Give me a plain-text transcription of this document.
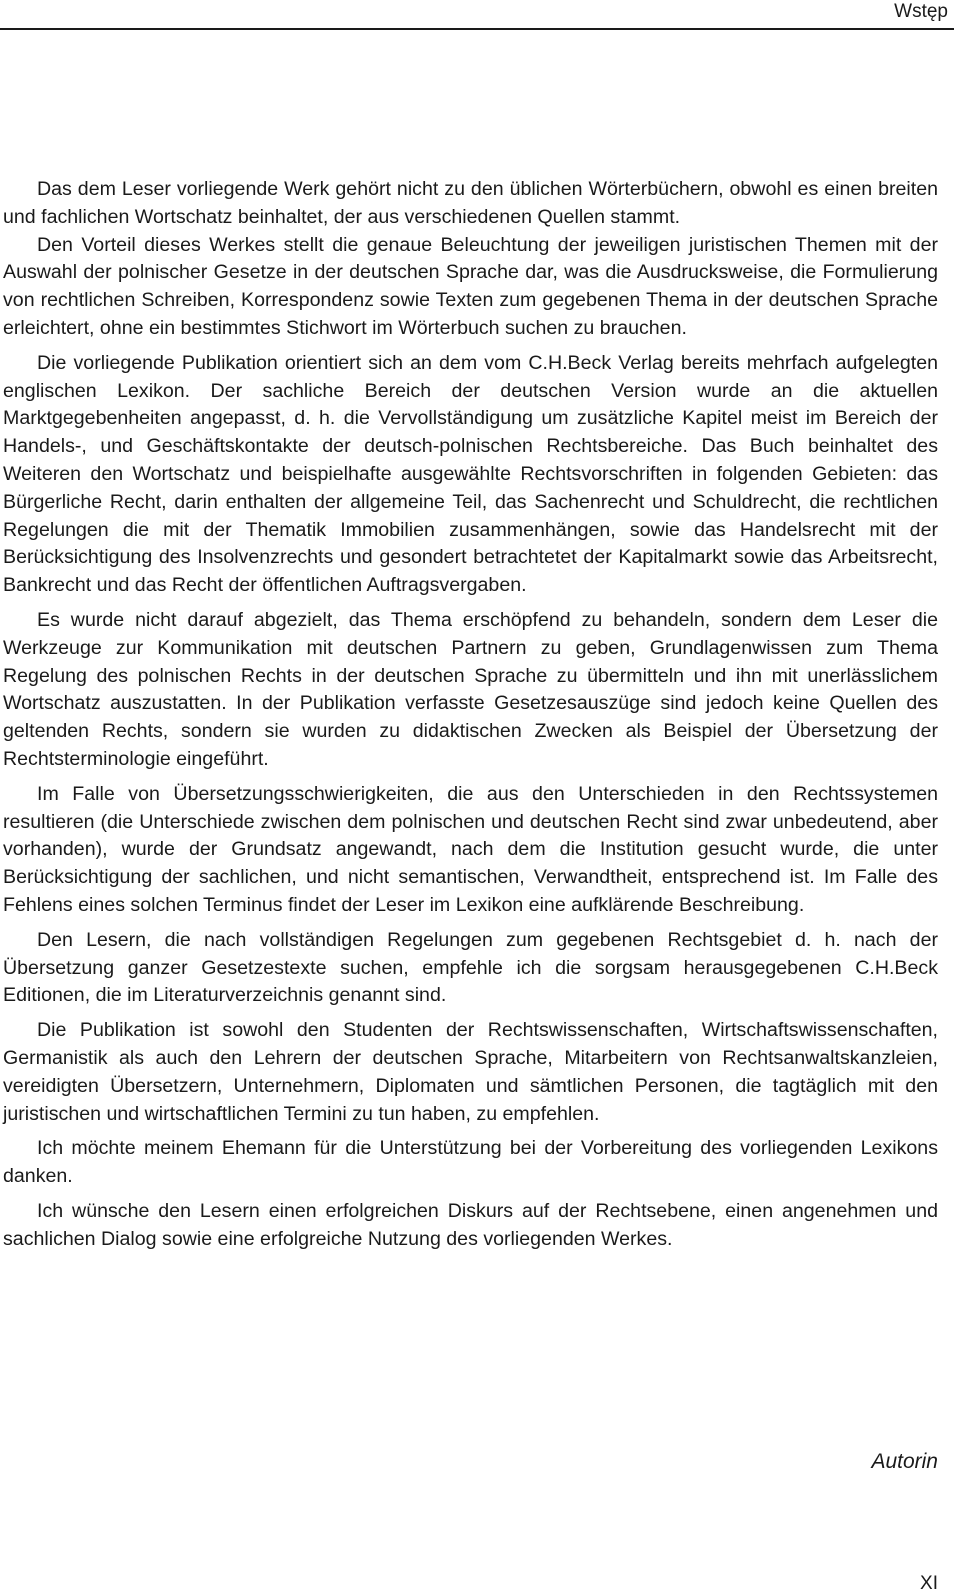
Wstęp

Das dem Leser vorliegende Werk gehört nicht zu den üblichen Wörterbüchern, obwohl es einen breiten und fachlichen Wortschatz beinhaltet, der aus verschiedenen Quellen stammt.

Den Vorteil dieses Werkes stellt die genaue Beleuchtung der jeweiligen juristischen Themen mit der Auswahl der polnischer Gesetze in der deutschen Sprache dar, was die Ausdrucksweise, die Formulierung von rechtlichen Schreiben, Korrespondenz sowie Texten zum gegebenen Thema in der deutschen Sprache erleichtert, ohne ein bestimmtes Stichwort im Wörterbuch suchen zu brauchen.

Die vorliegende Publikation orientiert sich an dem vom C.H.Beck Verlag bereits mehrfach aufgelegten englischen Lexikon. Der sachliche Bereich der deutschen Version wurde an die aktuellen Marktgegebenheiten angepasst, d. h. die Vervollständigung um zusätzliche Kapitel meist im Bereich der Handels-, und Geschäftskontakte der deutsch-polnischen Rechtsbereiche. Das Buch beinhaltet des Weiteren den Wortschatz und beispielhafte ausgewählte Rechtsvorschriften in folgenden Gebieten: das Bürgerliche Recht, darin enthalten der allgemeine Teil, das Sachenrecht und Schuldrecht, die rechtlichen Regelungen die mit der Thematik Immobilien zusammenhängen, sowie das Handelsrecht mit der Berücksichtigung des Insolvenzrechts und gesondert betrachtetet der Kapitalmarkt sowie das Arbeitsrecht, Bankrecht und das Recht der öffentlichen Auftragsvergaben.

Es wurde nicht darauf abgezielt, das Thema erschöpfend zu behandeln, sondern dem Leser die Werkzeuge zur Kommunikation mit deutschen Partnern zu geben, Grundlagenwissen zum Thema Regelung des polnischen Rechts in der deutschen Sprache zu übermitteln und ihn mit unerlässlichem Wortschatz auszustatten. In der Publikation verfasste Gesetzesauszüge sind jedoch keine Quellen des geltenden Rechts, sondern sie wurden zu didaktischen Zwecken als Beispiel der Übersetzung der Rechtsterminologie eingeführt.

Im Falle von Übersetzungsschwierigkeiten, die aus den Unterschieden in den Rechtssystemen resultieren (die Unterschiede zwischen dem polnischen und deutschen Recht sind zwar unbedeutend, aber vorhanden), wurde der Grundsatz angewandt, nach dem die Institution gesucht wurde, die unter Berücksichtigung der sachlichen, und nicht semantischen, Verwandtheit, entsprechend ist. Im Falle des Fehlens eines solchen Terminus findet der Leser im Lexikon eine aufklärende Beschreibung.

Den Lesern, die nach vollständigen Regelungen zum gegebenen Rechtsgebiet d. h. nach der Übersetzung ganzer Gesetzestexte suchen, empfehle ich die sorgsam herausgegebenen C.H.Beck Editionen, die im Literaturverzeichnis genannt sind.

Die Publikation ist sowohl den Studenten der Rechtswissenschaften, Wirtschaftswissenschaften, Germanistik als auch den Lehrern der deutschen Sprache, Mitarbeitern von Rechtsanwaltskanzleien, vereidigten Übersetzern, Unternehmern, Diplomaten und sämtlichen Personen, die tagtäglich mit den juristischen und wirtschaftlichen Termini zu tun haben, zu empfehlen.

Ich möchte meinem Ehemann für die Unterstützung bei der Vorbereitung des vorliegenden Lexikons danken.

Ich wünsche den Lesern einen erfolgreichen Diskurs auf der Rechtsebene, einen angenehmen und sachlichen Dialog sowie eine erfolgreiche Nutzung des vorliegenden Werkes.

Autorin
XI
